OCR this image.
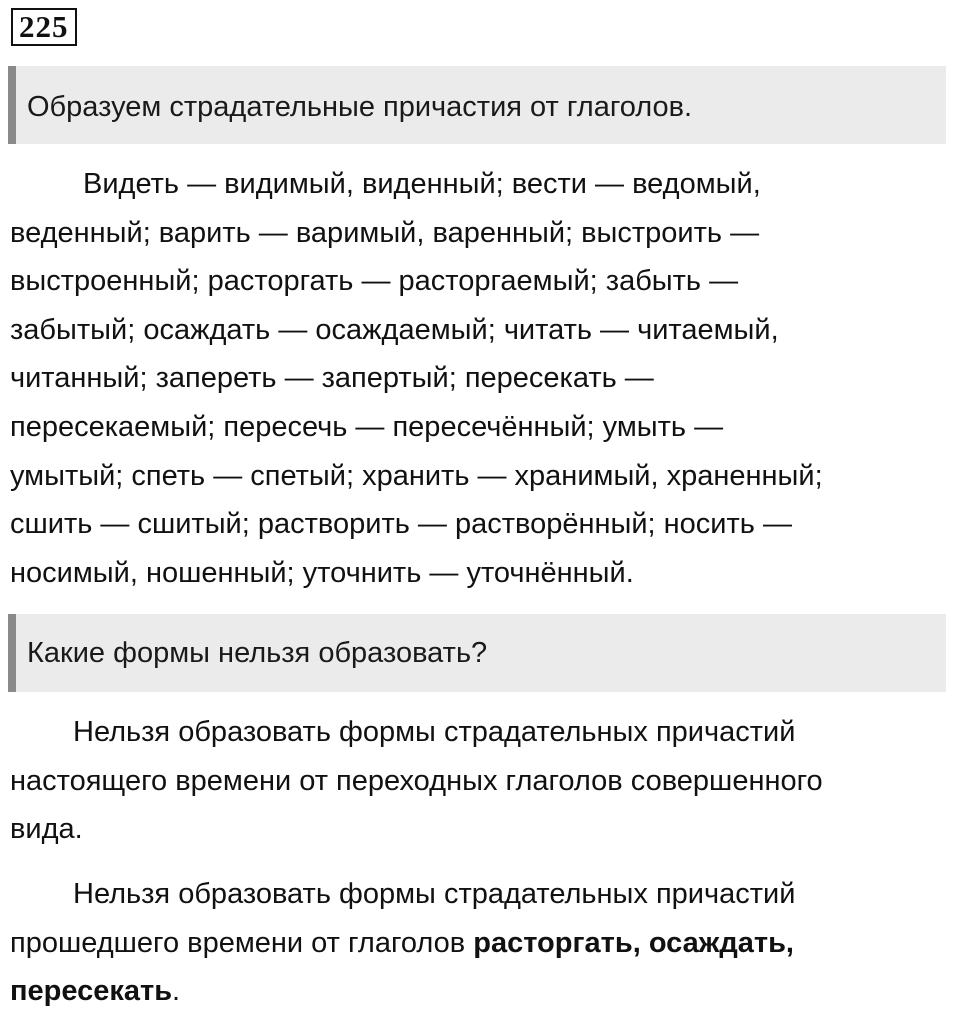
225
Образуем страдательные причастия от глаголов.
Видеть — видимый, виденный; вести — ведомый,
веденный; варить — варимый, варенный; выстроить —
выстроенный; расторгать — расторгаемый; забыть —
забытый; осаждать — осаждаемый; читать — читаемый,
читанный; запереть — запертый; пересекать —
пересекаемый; пересечь — пересечённый; умыть —
умытый; спеть — спетый; хранить — хранимый, храненный;
сшить — сшитый; растворить — растворённый; носить —
носимый, ношенный; уточнить — уточнённый.
Какие формы нельзя образовать?
Нельзя образовать формы страдательных причастий
настоящего времени от переходных глаголов совершенного
вида.
Нельзя образовать формы страдательных причастий
прошедшего времени от глаголов расторгать, осаждать,
пересекать.
